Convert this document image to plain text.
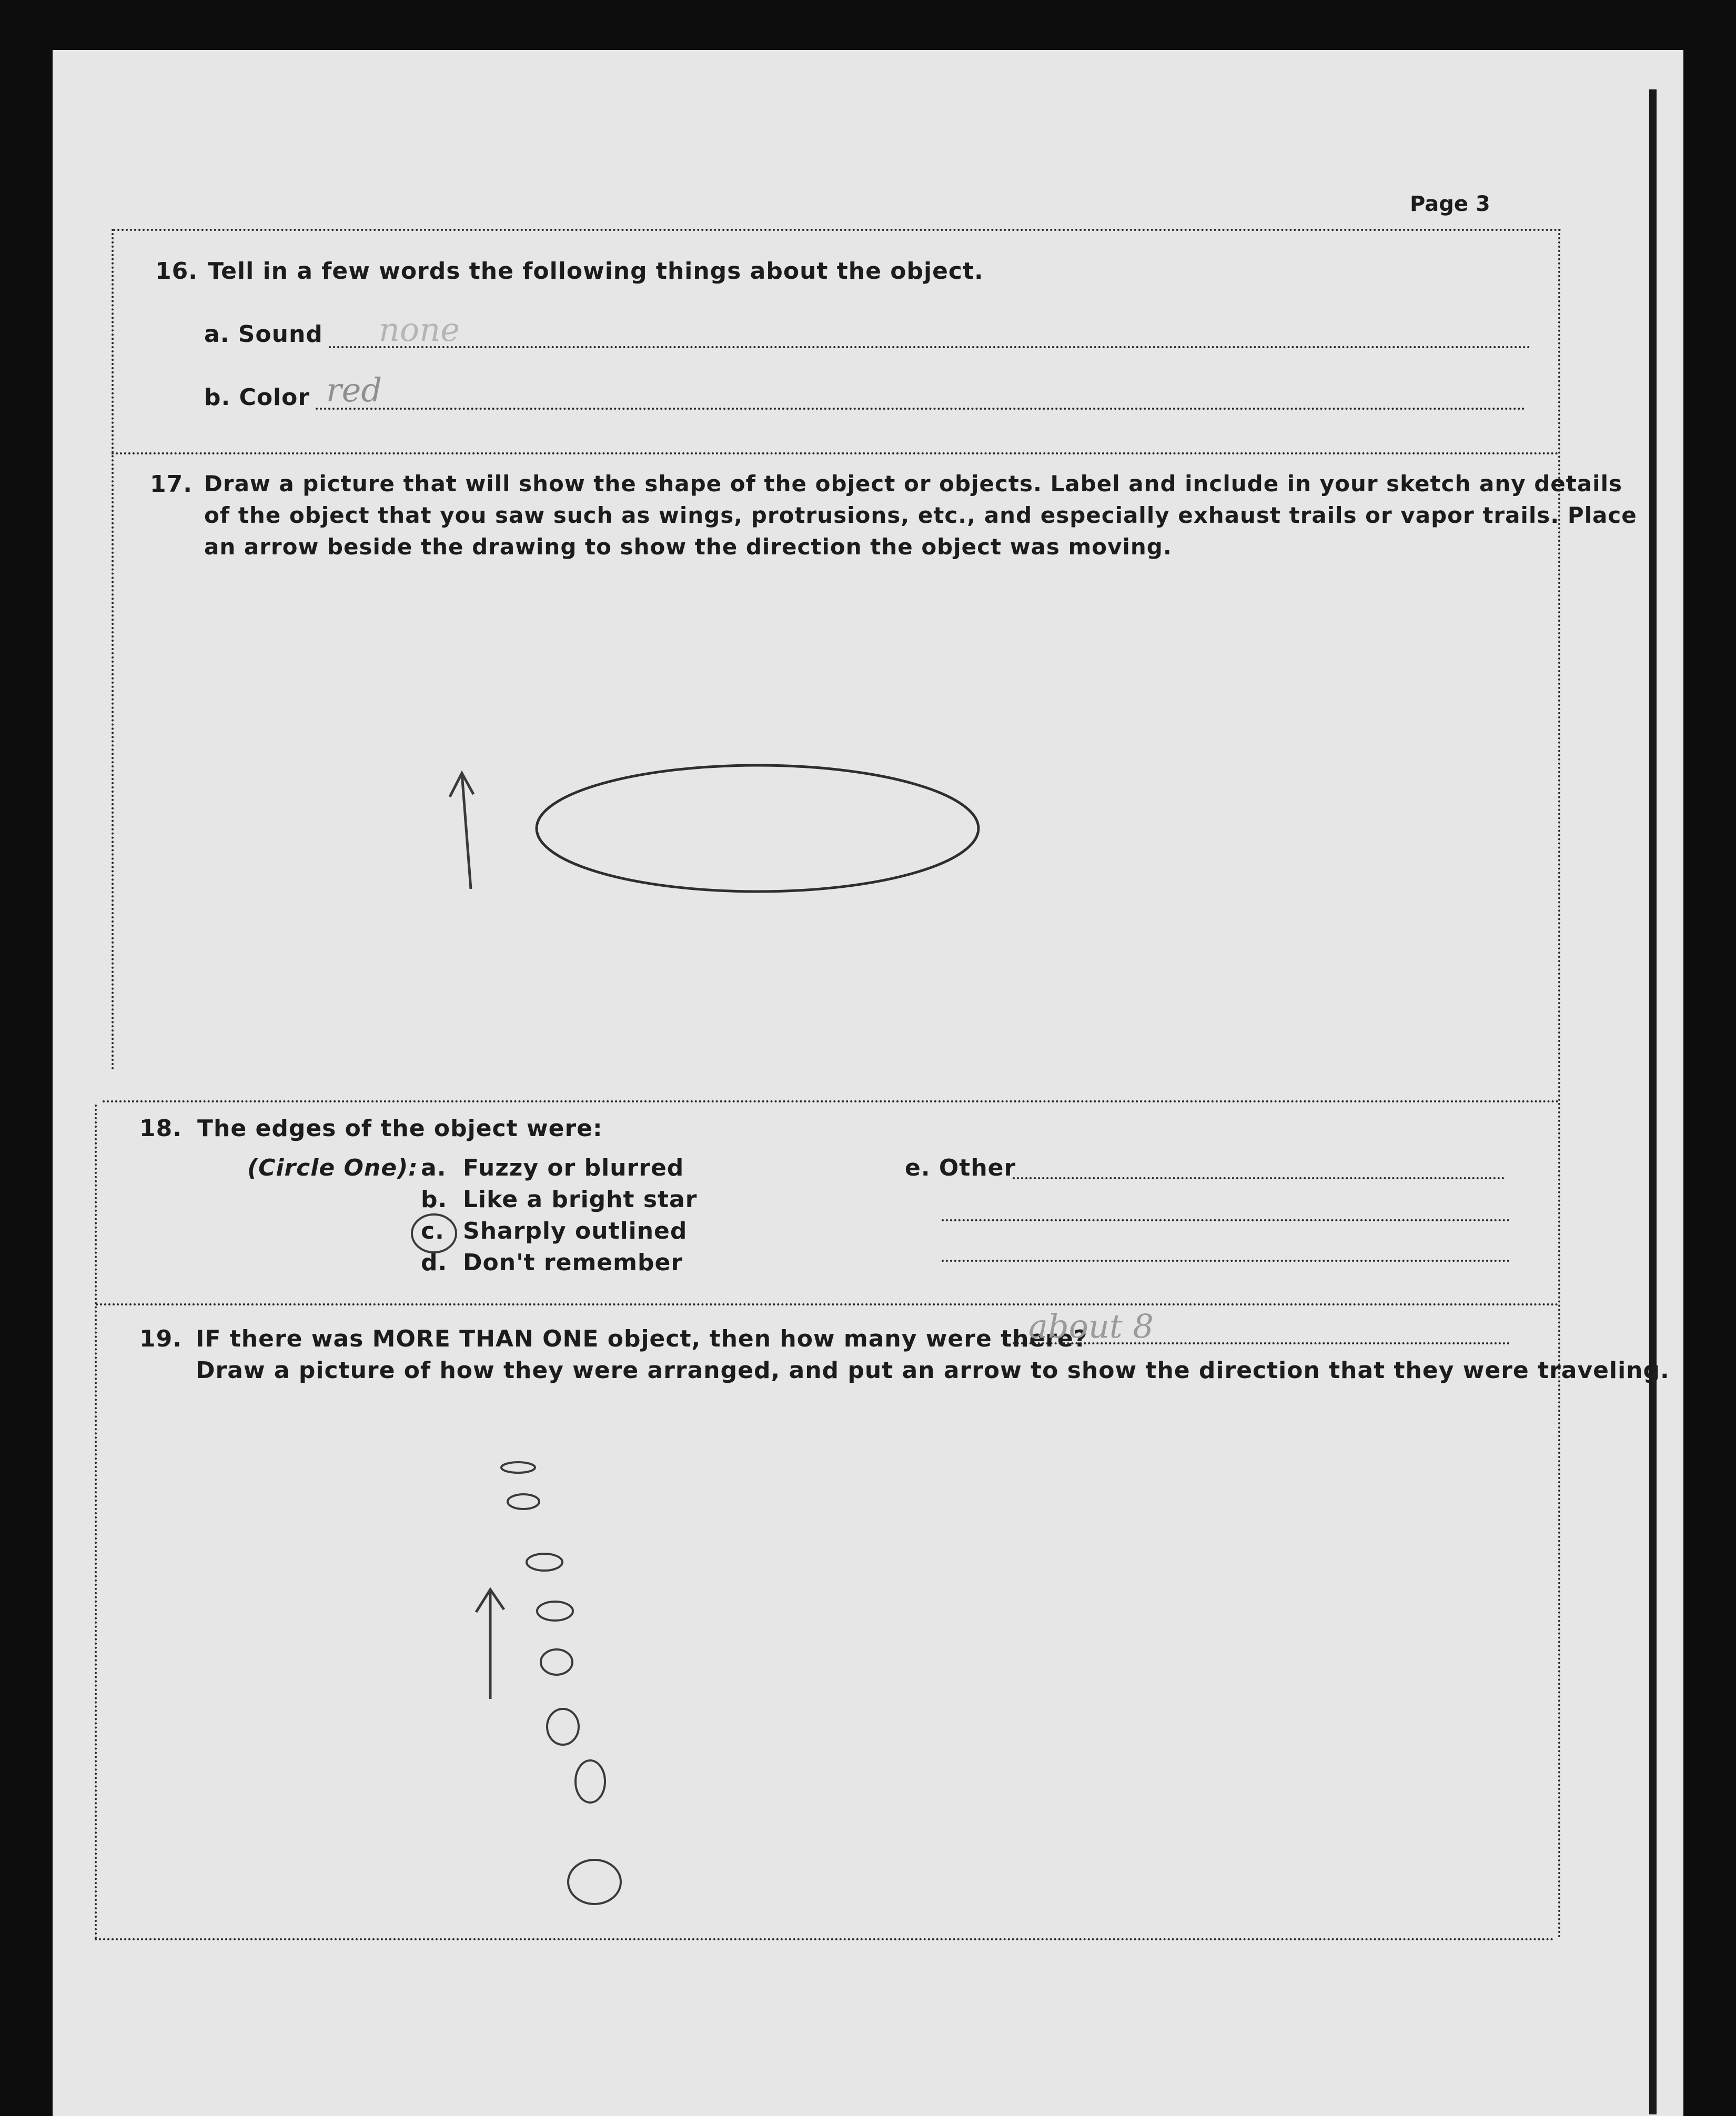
Page 3
16. Tell in a few words the following things about the object.
a. Sound none
b. Color red
17. Draw a picture that will show the shape of the object or objects. Label and include in your sketch any details
of the object that you saw such as wings, protrusions, etc., and especially exhaust trails or vapor trails. Place
an arrow beside the drawing to show the direction the object was moving.
18. The edges of the object were:
(Circle One): a. Fuzzy or blurred
b. Like a bright star
c. Sharply outlined
d. Don't remember
e. Other
19. IF there was MORE THAN ONE object, then how many were there?
about 8
Draw a picture of how they were arranged, and put an arrow to show the direction that they were traveling.
